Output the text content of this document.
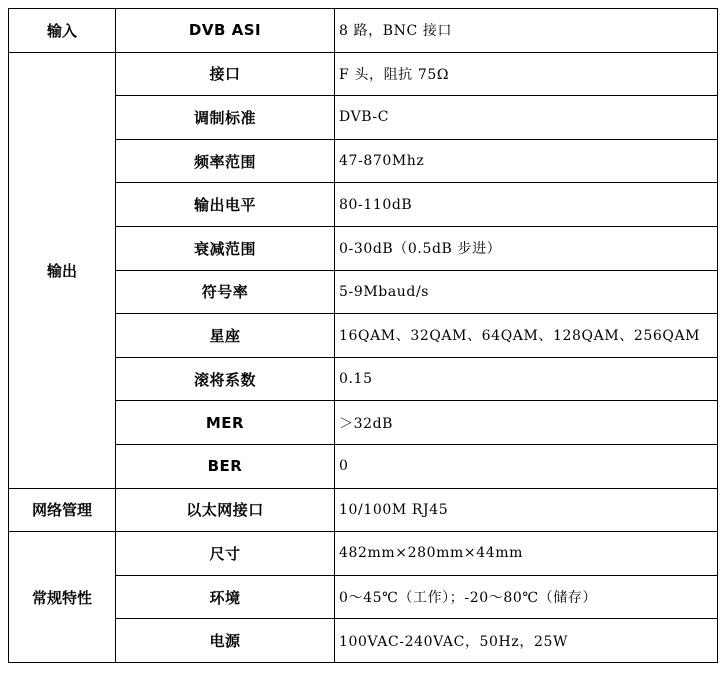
输入	DVB ASI	8 路，BNC 接口
输出	接口	F 头，阻抗 75Ω
	调制标准	DVB-C
	频率范围	47-870Mhz
	输出电平	80-110dB
	衰减范围	0-30dB（0.5dB 步进）
	符号率	5-9Mbaud/s
	星座	16QAM、32QAM、64QAM、128QAM、256QAM
	滚将系数	0.15
	MER	＞32dB
	BER	0
网络管理	以太网接口	10/100M RJ45
常规特性	尺寸	482mm×280mm×44mm
	环境	0～45℃（工作）；-20～80℃（储存）
	电源	100VAC-240VAC，50Hz，25W
